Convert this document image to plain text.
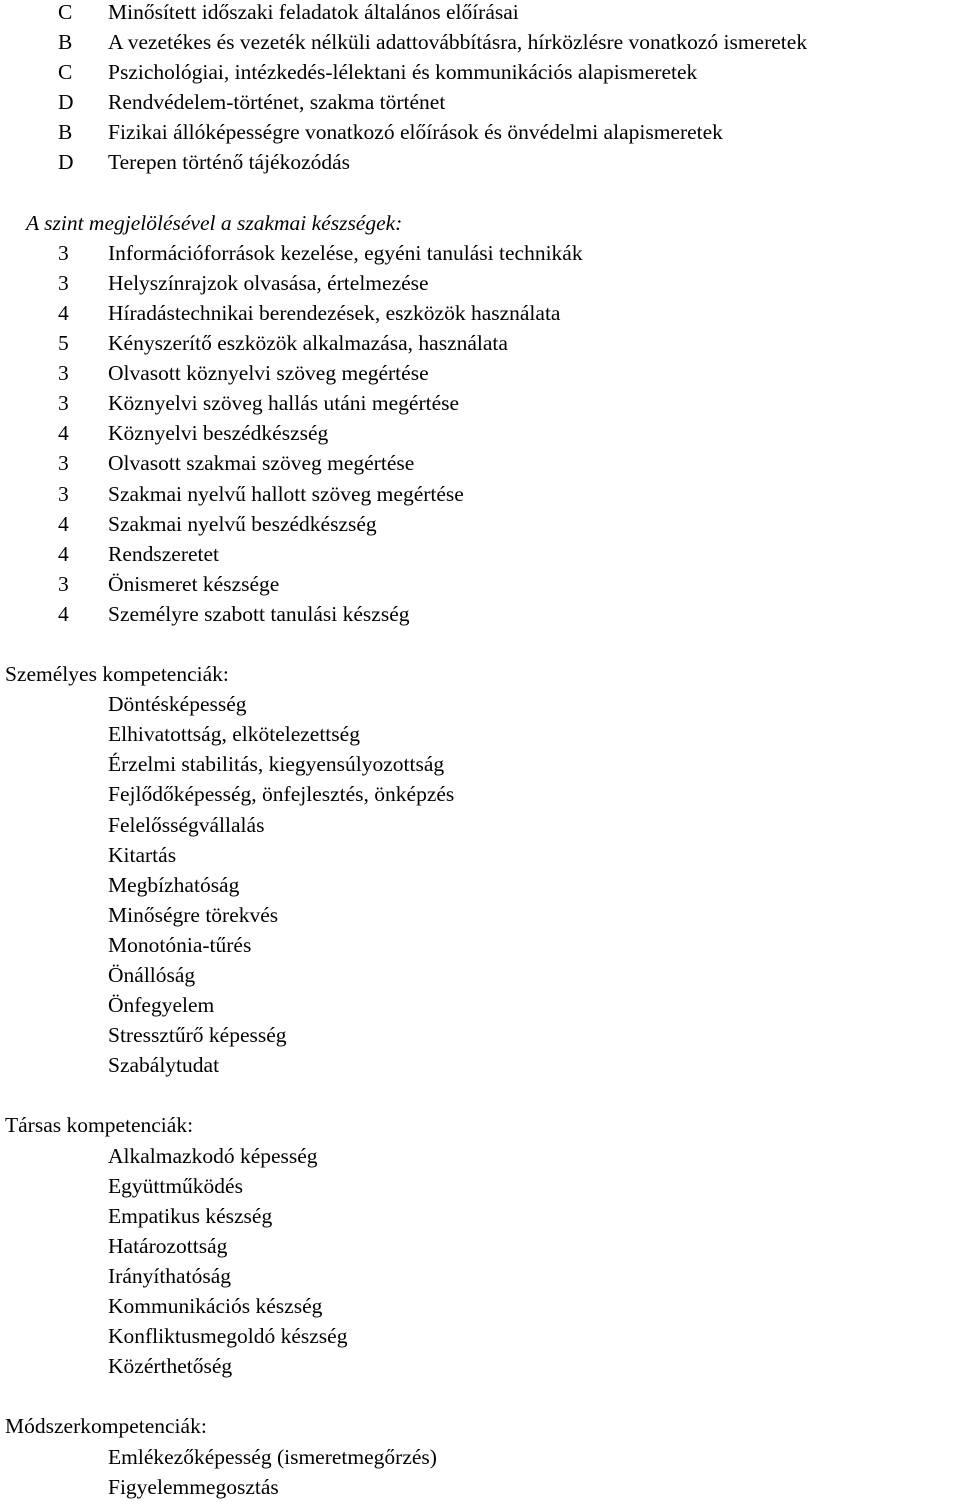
C	Minősített időszaki feladatok általános előírásai
B	A vezetékes és vezeték nélküli adattovábbításra, hírközlésre vonatkozó ismeretek
C	Pszichológiai, intézkedés-lélektani és kommunikációs alapismeretek
D	Rendvédelem-történet, szakma történet
B	Fizikai állóképességre vonatkozó előírások és önvédelmi alapismeretek
D	Terepen történő tájékozódás
A szint megjelölésével a szakmai készségek:
3	Információforrások kezelése, egyéni tanulási technikák
3	Helyszínrajzok olvasása, értelmezése
4	Híradástechnikai berendezések, eszközök használata
5	Kényszerítő eszközök alkalmazása, használata
3	Olvasott köznyelvi szöveg megértése
3	Köznyelvi szöveg hallás utáni megértése
4	Köznyelvi beszédkészség
3	Olvasott szakmai szöveg megértése
3	Szakmai nyelvű hallott szöveg megértése
4	Szakmai nyelvű beszédkészség
4	Rendszeretet
3	Önismeret készsége
4	Személyre szabott tanulási készség
Személyes kompetenciák:
Döntésképesség
Elhivatottság, elkötelezettség
Érzelmi stabilitás, kiegyensúlyozottság
Fejlődőképesség, önfejlesztés, önképzés
Felelősségvállalás
Kitartás
Megbízhatóság
Minőségre törekvés
Monotónia-tűrés
Önállóság
Önfegyelem
Stressztűrő képesség
Szabálytudat
Társas kompetenciák:
Alkalmazkodó képesség
Együttműködés
Empatikus készség
Határozottság
Irányíthatóság
Kommunikációs készség
Konfliktusmegoldó készség
Közérthetőség
Módszerkompetenciák:
Emlékezőképesség (ismeretmegőrzés)
Figyelemmegosztás
